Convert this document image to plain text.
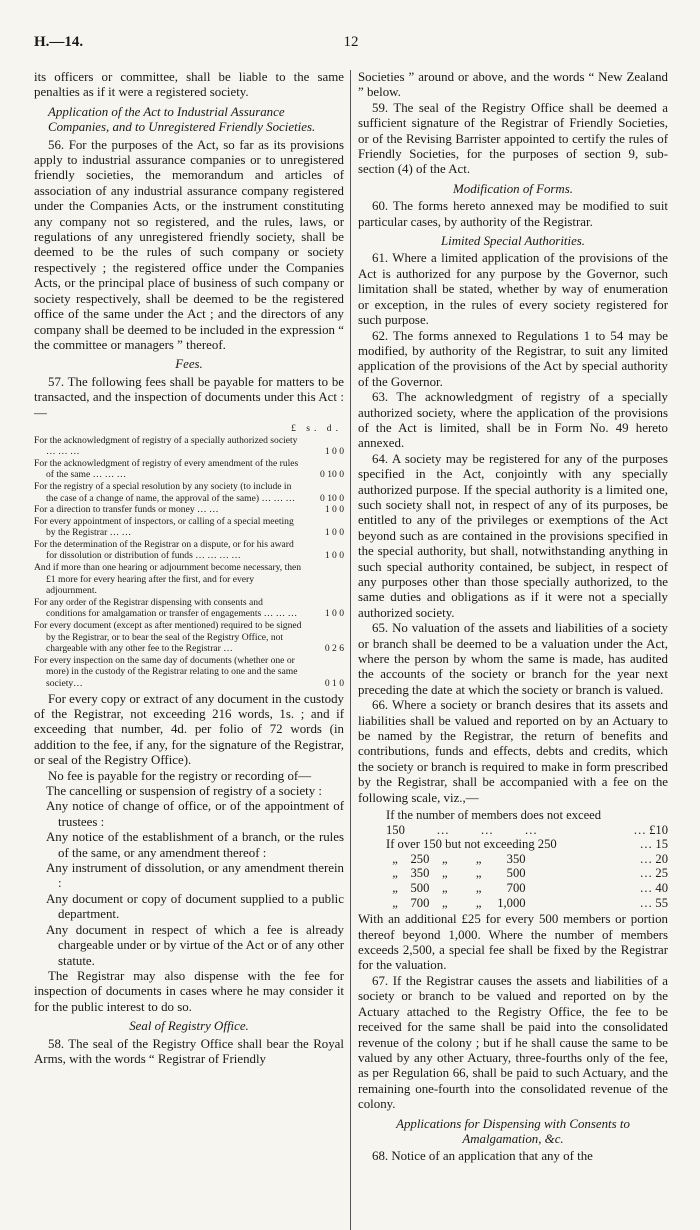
H.—14.	12

its officers or committee, shall be liable to the same penalties as if it were a registered society.

Application of the Act to Industrial Assurance Companies, and to Unregistered Friendly Societies.

56. For the purposes of the Act, so far as its provisions apply to industrial assurance companies or to unregistered friendly societies, the memorandum and articles of association of any industrial assurance company registered under the Companies Acts, or the instrument constituting any company not so registered, and the rules, laws, or regulations of any unregistered friendly society, shall be deemed to be the rules of such company or society respectively ; the registered office under the Companies Acts, or the principal place of business of such company or society respectively, shall be deemed to be the registered office of the same under the Act ; and the directors of any company shall be deemed to be included in the expression “ the committee or managers ” thereof.

Fees.

57. The following fees shall be payable for matters to be transacted, and the inspection of documents under this Act :—

£ s. d.
For the acknowledgment of registry of a specially authorized society … … …	1 0 0
For the acknowledgment of registry of every amendment of the rules of the same … … …	0 10 0
For the registry of a special resolution by any society (to include in the case of a change of name, the approval of the same) … … …	0 10 0
For a direction to transfer funds or money … …	1 0 0
For every appointment of inspectors, or calling of a special meeting by the Registrar … …	1 0 0
For the determination of the Registrar on a dispute, or for his award for dissolution or distribution of funds … … … …	1 0 0
And if more than one hearing or adjournment become necessary, then £1 more for every hearing after the first, and for every adjournment.
For any order of the Registrar dispensing with consents and conditions for amalgamation or transfer of engagements … … …	1 0 0
For every document (except as after mentioned) required to be signed by the Registrar, or to bear the seal of the Registry Office, not chargeable with any other fee to the Registrar …	0 2 6
For every inspection on the same day of documents (whether one or more) in the custody of the Registrar relating to one and the same society…	0 1 0

For every copy or extract of any document in the custody of the Registrar, not exceeding 216 words, 1s. ; and if exceeding that number, 4d. per folio of 72 words (in addition to the fee, if any, for the signature of the Registrar, or seal of the Registry Office).

No fee is payable for the registry or recording of—

The cancelling or suspension of registry of a society :

Any notice of change of office, or of the appointment of trustees :

Any notice of the establishment of a branch, or the rules of the same, or any amendment thereof :

Any instrument of dissolution, or any amendment therein :

Any document or copy of document supplied to a public department.

Any document in respect of which a fee is already chargeable under or by virtue of the Act or of any other statute.

The Registrar may also dispense with the fee for inspection of documents in cases where he may consider it for the public interest to do so.

Seal of Registry Office.

58. The seal of the Registry Office shall bear the Royal Arms, with the words “ Registrar of Friendly

Societies ” around or above, and the words “ New Zealand ” below.

59. The seal of the Registry Office shall be deemed a sufficient signature of the Registrar of Friendly Societies, or of the Revising Barrister appointed to certify the rules of Friendly Societies, for the purposes of section 9, sub-section (4) of the Act.

Modification of Forms.

60. The forms hereto annexed may be modified to suit particular cases, by authority of the Registrar.

Limited Special Authorities.

61. Where a limited application of the provisions of the Act is authorized for any purpose by the Governor, such limitation shall be stated, whether by way of enumeration or exception, in the rules of every society registered for such purpose.

62. The forms annexed to Regulations 1 to 54 may be modified, by authority of the Registrar, to suit any limited application of the provisions of the Act by special authority of the Governor.

63. The acknowledgment of registry of a specially authorized society, where the application of the provisions of the Act is limited, shall be in Form No. 49 hereto annexed.

64. A society may be registered for any of the purposes specified in the Act, conjointly with any specially authorized purpose. If the special authority is a limited one, such society shall not, in respect of any of its purposes, be entitled to any of the privileges or exemptions of the Act beyond such as are contained in the provisions specified in the special authority, but shall, notwithstanding anything in such special authority contained, be subject, in respect of any purposes other than those specially authorized, to the same duties and obligations as if it were not a specially authorized society.

65. No valuation of the assets and liabilities of a society or branch shall be deemed to be a valuation under the Act, where the person by whom the same is made, has audited the accounts of the society or branch for the year next preceding the date at which the society or branch is valued.

66. Where a society or branch desires that its assets and liabilities shall be valued and reported on by an Actuary to be named by the Registrar, the return of benefits and contributions, funds and effects, debts and credits, which the society or branch is required to make in form prescribed by the Registrar, shall be accompanied with a fee on the following scale, viz.,—

If the number of members does not exceed
150          …          …          …	… £10
If over 150 but not exceeding 250	… 15
„    250    „         „        350	… 20
„    350    „         „        500	… 25
„    500    „         „        700	… 40
„    700    „         „     1,000	… 55

With an additional £25 for every 500 members or portion thereof beyond 1,000. Where the number of members exceeds 2,500, a special fee shall be fixed by the Registrar for the valuation.

67. If the Registrar causes the assets and liabilities of a society or branch to be valued and reported on by the Actuary attached to the Registry Office, the fee to be received for the same shall be paid into the consolidated revenue of the colony ; but if he shall cause the same to be valued by any other Actuary, three-fourths only of the fee, as per Regulation 66, shall be paid to such Actuary, and the remaining one-fourth into the consolidated revenue of the colony.

Applications for Dispensing with Consents to Amalgamation, &c.

68. Notice of an application that any of the
